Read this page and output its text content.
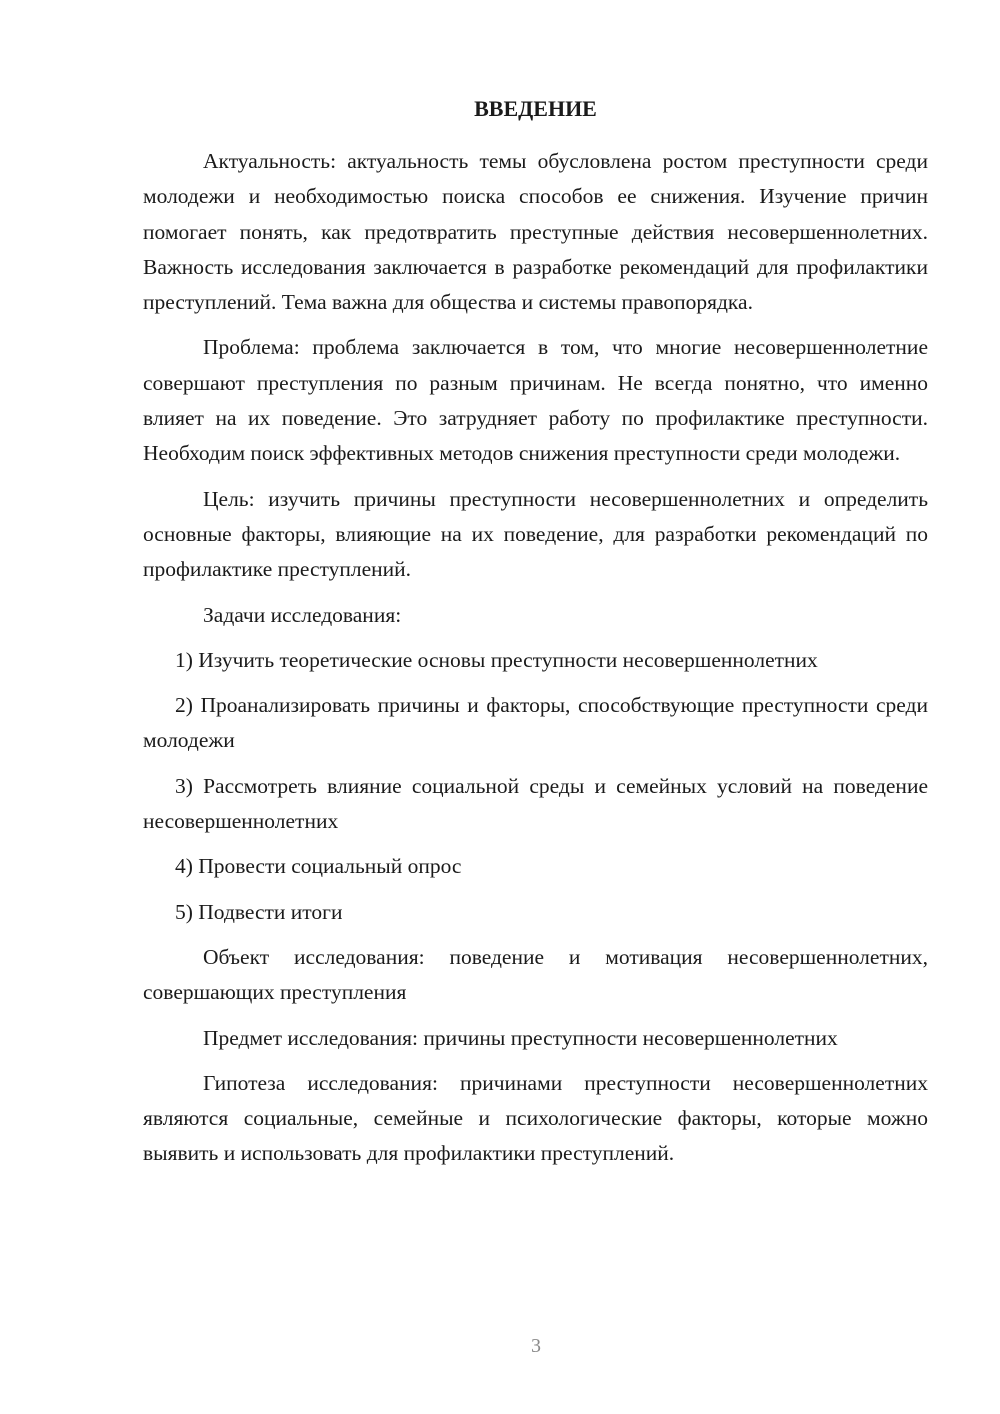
ВВЕДЕНИЕ

Актуальность: актуальность темы обусловлена ростом преступности среди молодежи и необходимостью поиска способов ее снижения. Изучение причин помогает понять, как предотвратить преступные действия несовершеннолетних. Важность исследования заключается в разработке рекомендаций для профилактики преступлений. Тема важна для общества и системы правопорядка.

Проблема: проблема заключается в том, что многие несовершеннолетние совершают преступления по разным причинам. Не всегда понятно, что именно влияет на их поведение. Это затрудняет работу по профилактике преступности. Необходим поиск эффективных методов снижения преступности среди молодежи.

Цель: изучить причины преступности несовершеннолетних и определить основные факторы, влияющие на их поведение, для разработки рекомендаций по профилактике преступлений.

Задачи исследования:

1) Изучить теоретические основы преступности несовершеннолетних

2) Проанализировать причины и факторы, способствующие преступности среди молодежи

3) Рассмотреть влияние социальной среды и семейных условий на поведение несовершеннолетних

4) Провести социальный опрос

5) Подвести итоги

Объект исследования: поведение и мотивация несовершеннолетних, совершающих преступления

Предмет исследования: причины преступности несовершеннолетних

Гипотеза исследования: причинами преступности несовершеннолетних являются социальные, семейные и психологические факторы, которые можно выявить и использовать для профилактики преступлений.

3
